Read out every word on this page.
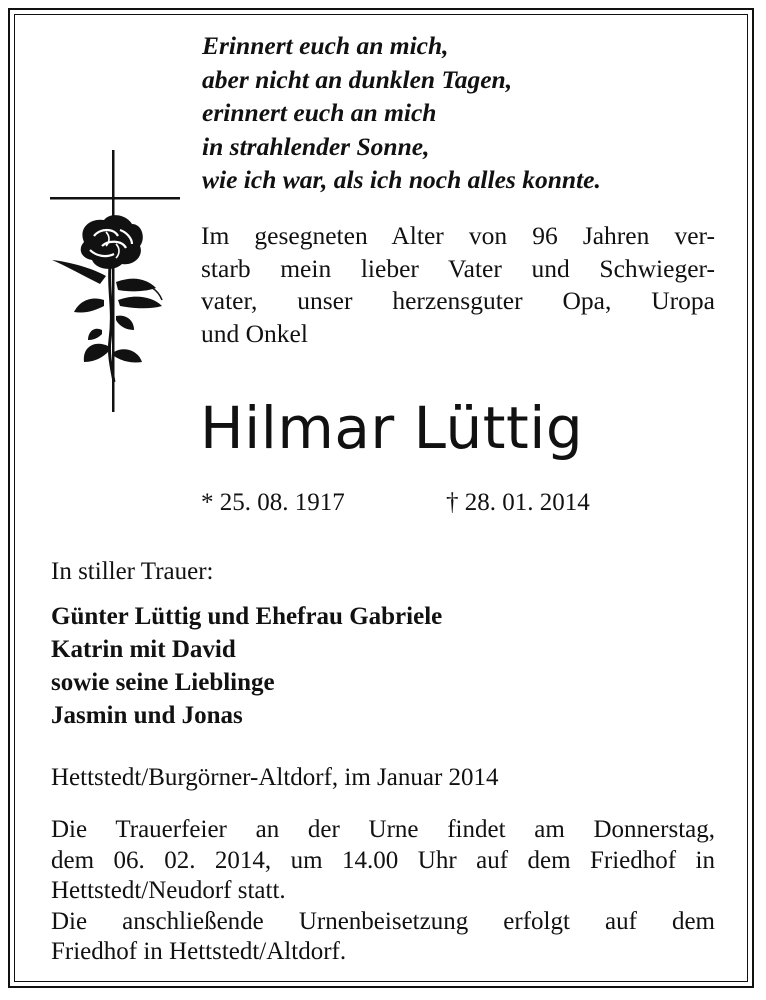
Erinnert euch an mich,
aber nicht an dunklen Tagen,
erinnert euch an mich
in strahlender Sonne,
wie ich war, als ich noch alles konnte.
Im gesegneten Alter von 96 Jahren ver-
starb mein lieber Vater und Schwieger-
vater, unser herzensguter Opa, Uropa
und Onkel
Hilmar Lüttig
* 25. 08. 1917	† 28. 01. 2014
In stiller Trauer:
Günter Lüttig und Ehefrau Gabriele
Katrin mit David
sowie seine Lieblinge
Jasmin und Jonas
Hettstedt/Burgörner-Altdorf, im Januar 2014
Die Trauerfeier an der Urne findet am Donnerstag,
dem 06. 02. 2014, um 14.00 Uhr auf dem Friedhof in
Hettstedt/Neudorf statt.
Die anschließende Urnenbeisetzung erfolgt auf dem
Friedhof in Hettstedt/Altdorf.
